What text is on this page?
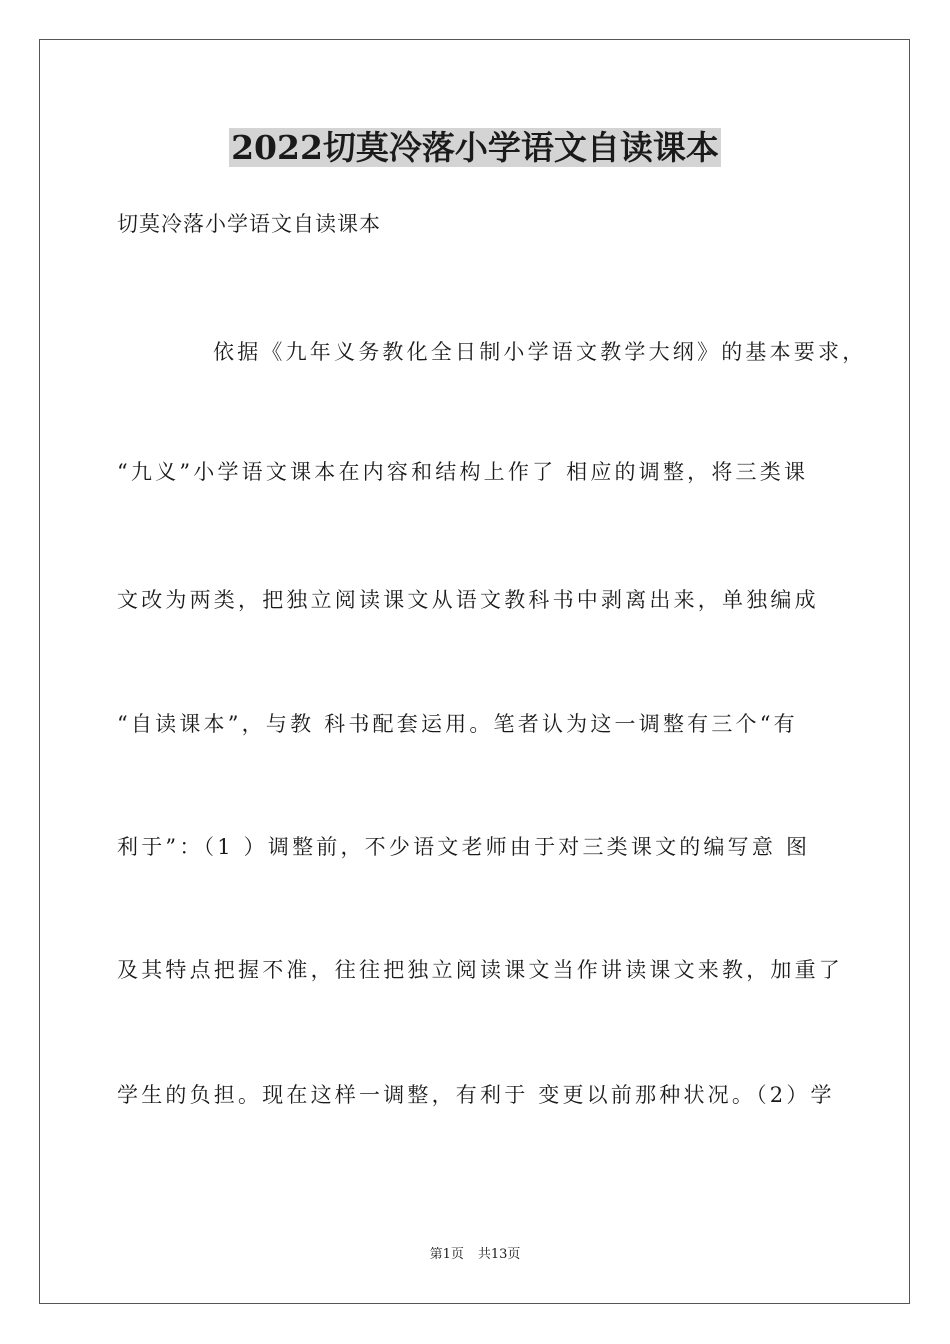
2022切莫冷落小学语文自读课本
切莫冷落小学语文自读课本
依据《九年义务教化全日制小学语文教学大纲》的基本要求，
“九义”小学语文课本在内容和结构上作了 相应的调整，将三类课
文改为两类，把独立阅读课文从语文教科书中剥离出来，单独编成
“自读课本”，与教 科书配套运用。笔者认为这一调整有三个“有
利于”：（1 ）调整前，不少语文老师由于对三类课文的编写意 图
及其特点把握不准，往往把独立阅读课文当作讲读课文来教，加重了
学生的负担。现在这样一调整，有利于 变更以前那种状况。（2）学
第1页 共13页
